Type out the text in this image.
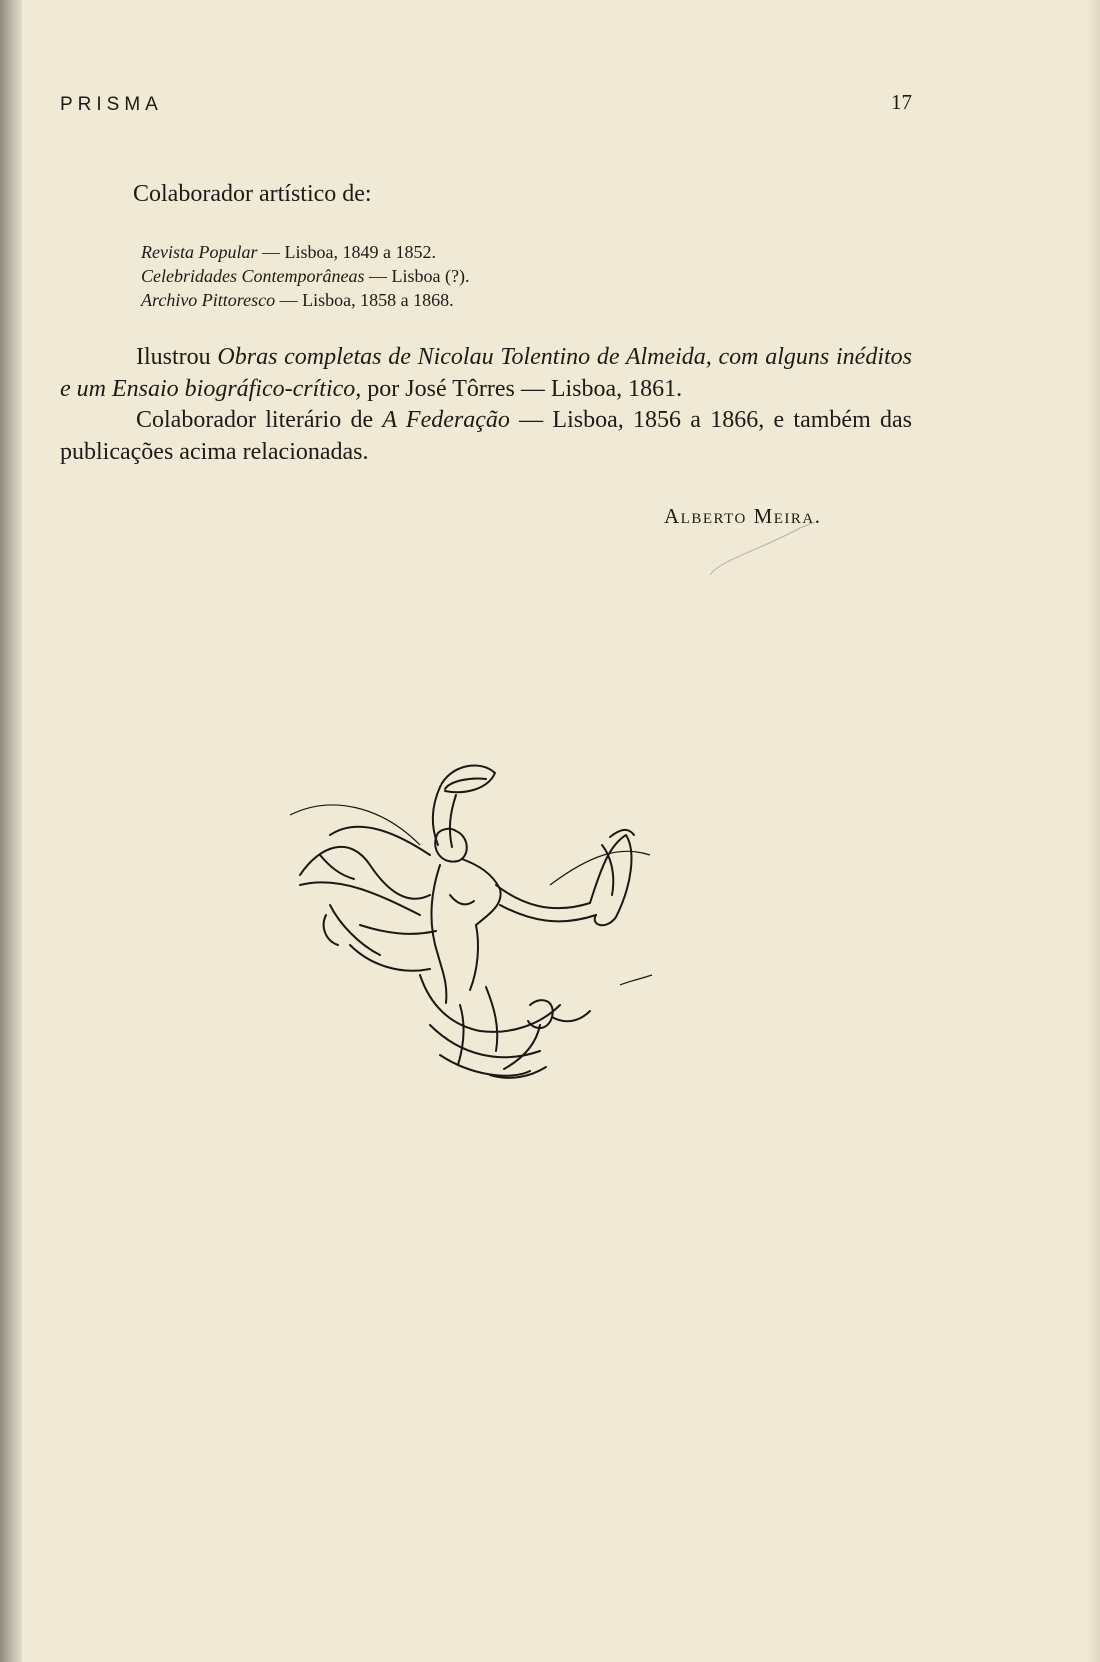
PRISMA	17
Colaborador artístico de:
Revista Popular — Lisboa, 1849 a 1852.
Celebridades Contemporâneas — Lisboa (?).
Archivo Pittoresco — Lisboa, 1858 a 1868.

Ilustrou Obras completas de Nicolau Tolentino de Almeida, com alguns inéditos e um Ensaio biográfico-crítico, por José Tôrres — Lisboa, 1861.

Colaborador literário de A Federação — Lisboa, 1856 a 1866, e também das publicações acima relacionadas.

Alberto Meira.
